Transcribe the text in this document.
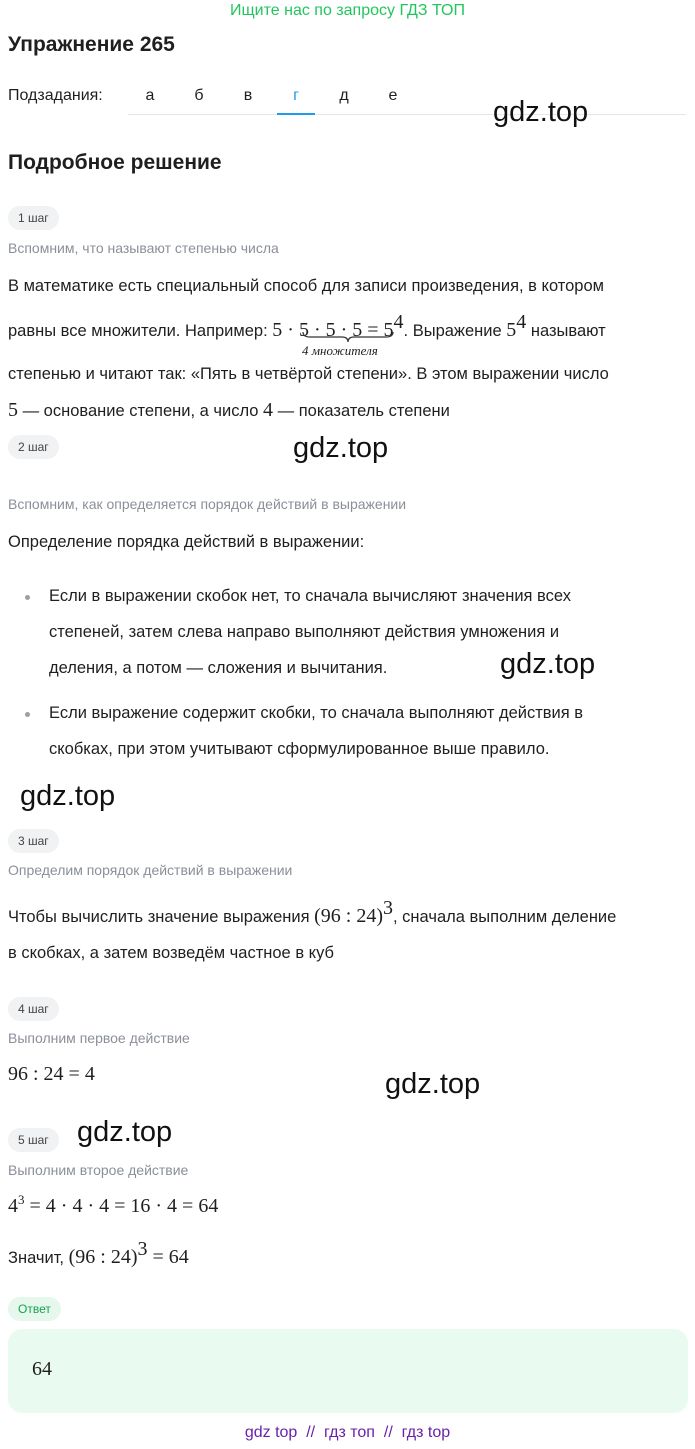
Ищите нас по запросу ГДЗ ТОП
Упражнение 265
Подзадания:	а	б	в	г	д	е
gdz.top
gdz.top
gdz.top
gdz.top
gdz.top
gdz.top
Подробное решение
1 шаг
Вспомним, что называют степенью числа
В математике есть специальный способ для записи произведения, в котором
равны все множители. Например: $5 \cdot 5 \cdot 5 \cdot 5 = 5^4$. Выражение $5^4$ называют
4 множителя
степенью и читают так: «Пять в четвёртой степени». В этом выражении число
5 — основание степени, а число 4 — показатель степени
2 шаг
Вспомним, как определяется порядок действий в выражении
Определение порядка действий в выражении:
Если в выражении скобок нет, то сначала вычисляют значения всех
степеней, затем слева направо выполняют действия умножения и
деления, а потом — сложения и вычитания.
Если выражение содержит скобки, то сначала выполняют действия в
скобках, при этом учитывают сформулированное выше правило.
3 шаг
Определим порядок действий в выражении
Чтобы вычислить значение выражения (96 : 24)$^3$, сначала выполним деление
в скобках, а затем возведём частное в куб
4 шаг
Выполним первое действие
96 : 24 = 4
5 шаг
Выполним второе действие
$4^3 = 4 \cdot 4 \cdot 4 = 16 \cdot 4 = 64$
Значит, (96 : 24)$^3$ = 64
Ответ
64
gdz top // гдз топ // гдз top
